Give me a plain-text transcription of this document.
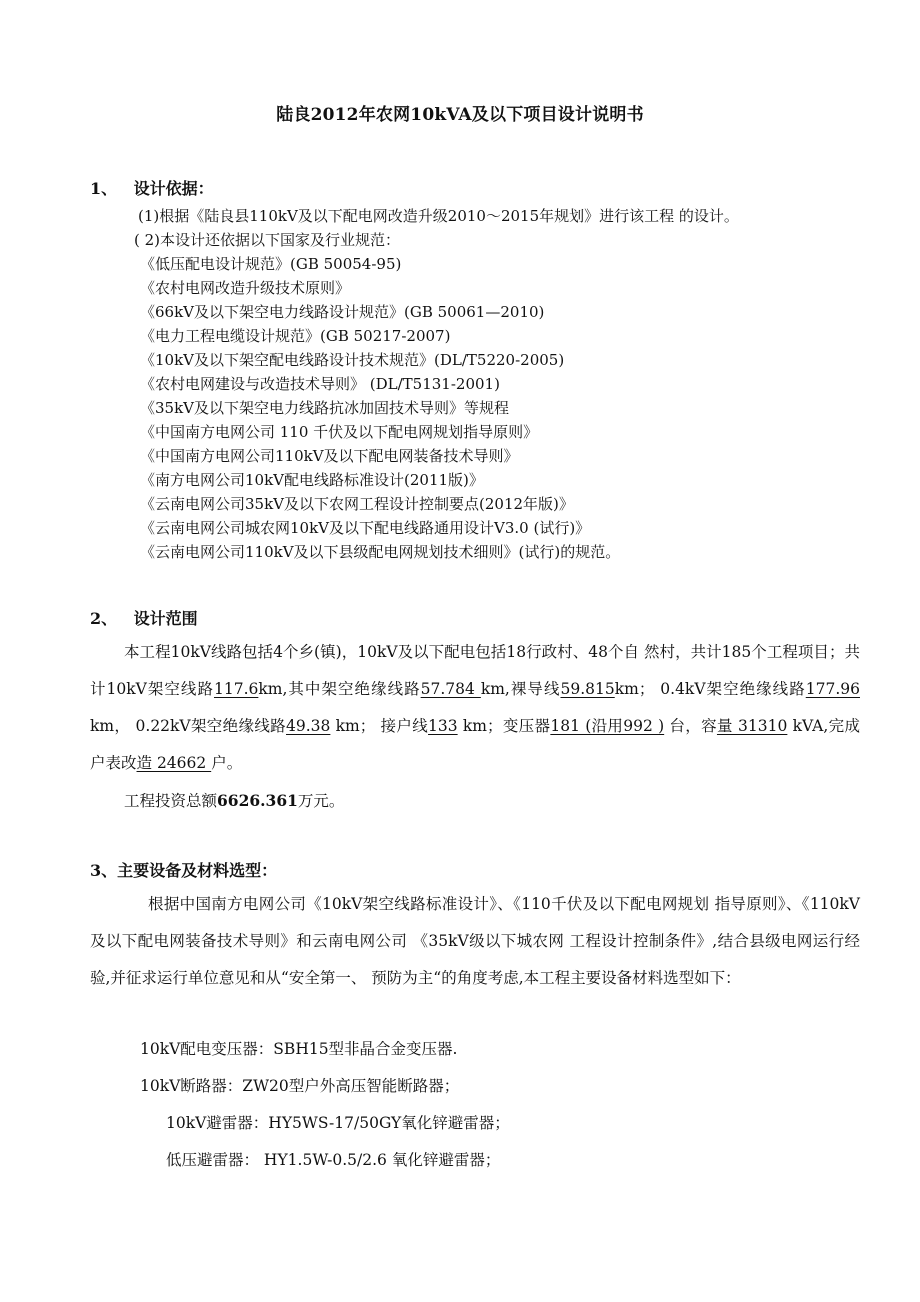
陆良2012年农网10kVA及以下项目设计说明书
1、 设计依据：
(1)根据《陆良县110kV及以下配电网改造升级2010～2015年规划》进行该工程 的设计。
( 2)本设计还依据以下国家及行业规范：
《低压配电设计规范》(GB 50054-95)
《农村电网改造升级技术原则》
《66kV及以下架空电力线路设计规范》(GB 50061—2010)
《电力工程电缆设计规范》(GB 50217-2007)
《10kV及以下架空配电线路设计技术规范》(DL/T5220-2005)
《农村电网建设与改造技术导则》 (DL/T5131-2001)
《35kV及以下架空电力线路抗冰加固技术导则》等规程
《中国南方电网公司 110 千伏及以下配电网规划指导原则》
《中国南方电网公司110kV及以下配电网装备技术导则》
《南方电网公司10kV配电线路标准设计(2011版)》
《云南电网公司35kV及以下农网工程设计控制要点(2012年版)》
《云南电网公司城农网10kV及以下配电线路通用设计V3.0 (试行)》
《云南电网公司110kV及以下县级配电网规划技术细则》(试行)的规范。
2、 设计范围
本工程10kV线路包括4个乡(镇)，10kV及以下配电包括18行政村、48个自 然村，共计185个工程项目；共计10kV架空线路117.6km,其中架空绝缘线路57.784 km,裸导线59.815km； 0.4kV架空绝缘线路177.96 km， 0.22kV架空绝缘线路49.38 km； 接户线133 km；变压器181 (沿用992 ) 台，容量 31310 kVA,完成户表改造 24662 户。
工程投资总额6626.361万元。
3、主要设备及材料选型：
根据中国南方电网公司《10kV架空线路标准设计》、《110千伏及以下配电网规划 指导原则》、《110kV及以下配电网装备技术导则》和云南电网公司 《35kV级以下城农网 工程设计控制条件》,结合县级电网运行经验,并征求运行单位意见和从“安全第一、 预防为主“的角度考虑,本工程主要设备材料选型如下：
10kV配电变压器：SBH15型非晶合金变压器.
10kV断路器：ZW20型户外高压智能断路器；
10kV避雷器：HY5WS-17/50GY氧化锌避雷器；
低压避雷器： HY1.5W-0.5/2.6 氧化锌避雷器；
